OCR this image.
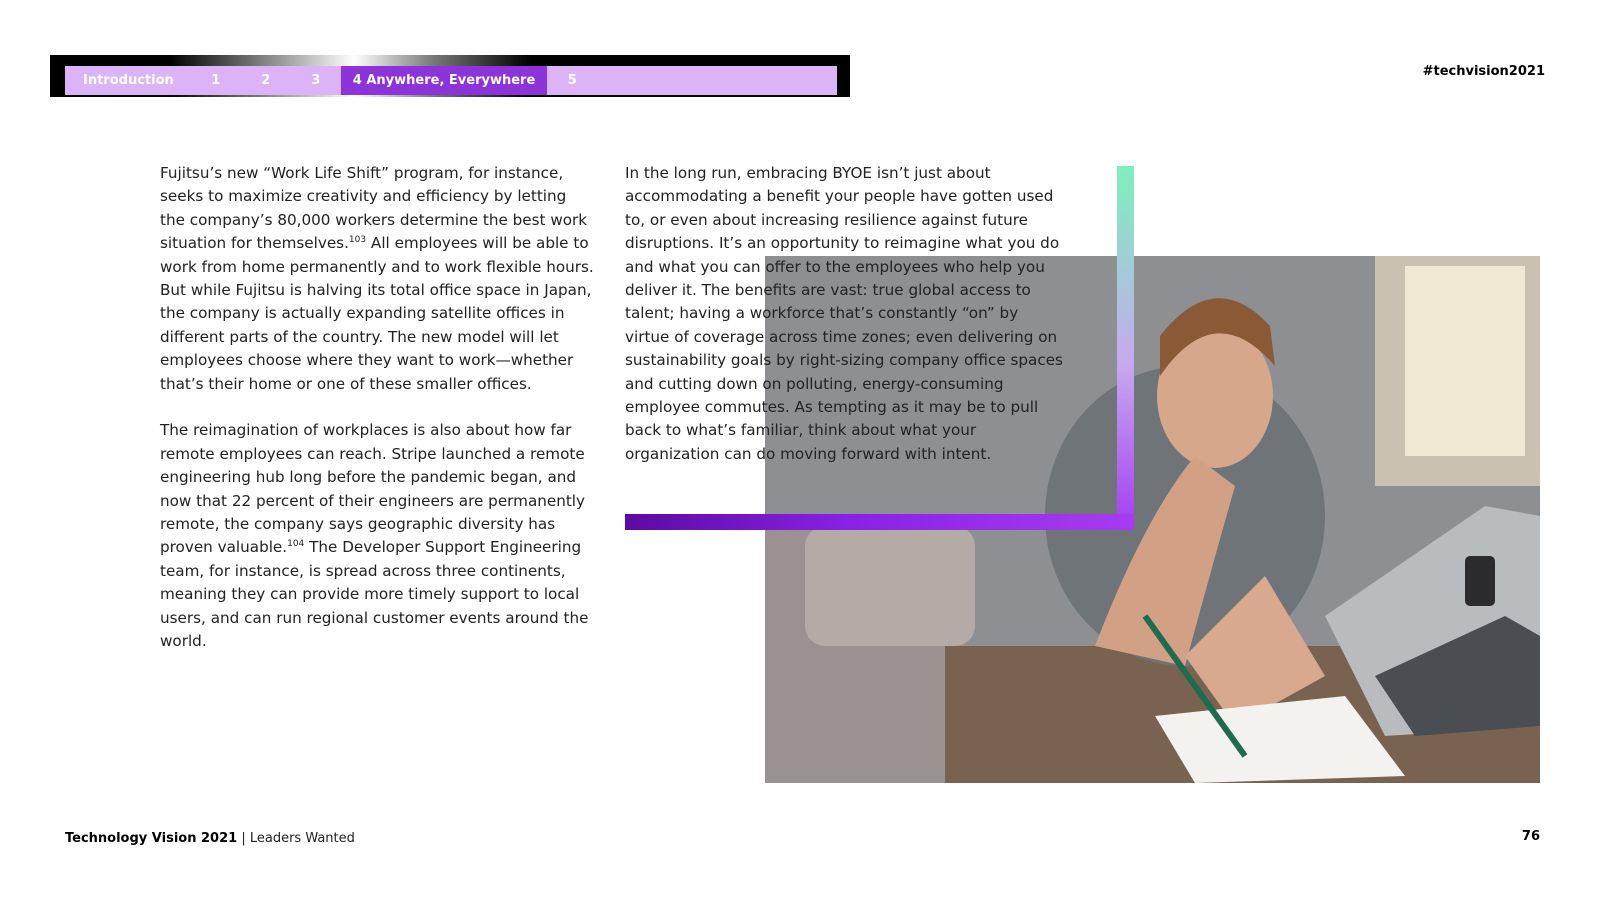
Introduction	1	2	3	4 Anywhere, Everywhere	5
#techvision2021

Fujitsu’s new “Work Life Shift” program, for instance, seeks to maximize creativity and efficiency by letting the company’s 80,000 workers determine the best work situation for themselves.$^{103}$ All employees will be able to work from home permanently and to work flexible hours. But while Fujitsu is halving its total office space in Japan, the company is actually expanding satellite offices in different parts of the country. The new model will let employees choose where they want to work—whether that’s their home or one of these smaller offices.

The reimagination of workplaces is also about how far remote employees can reach. Stripe launched a remote engineering hub long before the pandemic began, and now that 22 percent of their engineers are permanently remote, the company says geographic diversity has proven valuable.$^{104}$ The Developer Support Engineering team, for instance, is spread across three continents, meaning they can provide more timely support to local users, and can run regional customer events around the world.

In the long run, embracing BYOE isn’t just about accommodating a benefit your people have gotten used to, or even about increasing resilience against future disruptions. It’s an opportunity to reimagine what you do and what you can offer to the employees who help you deliver it. The benefits are vast: true global access to talent; having a workforce that’s constantly “on” by virtue of coverage across time zones; even delivering on sustainability goals by right-sizing company office spaces and cutting down on polluting, energy-consuming employee commutes. As tempting as it may be to pull back to what’s familiar, think about what your organization can do moving forward with intent.

Technology Vision 2021 | Leaders Wanted	76
